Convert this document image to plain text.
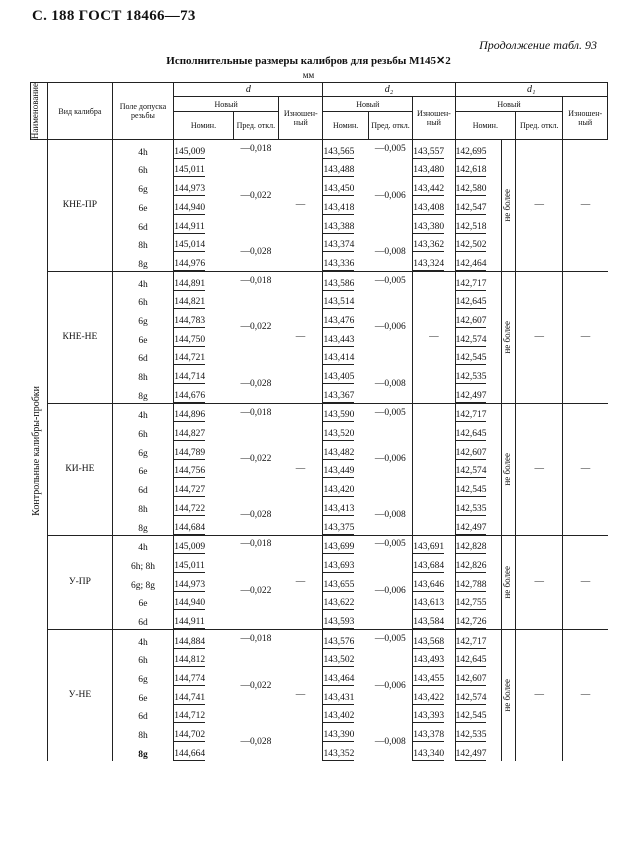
С. 188 ГОСТ 18466—73
Продолжение табл. 93
Исполнительные размеры калибров для резьбы М145✕2
мм
Наименование	Вид калибра	Поле допуска резьбы	d			d₂			d₁			
			Новый		Изношен-ный	Новый		Изношен-ный	Новый			Изношен-ный
			Номин.	Пред. откл.		Номин.	Пред. откл.		Номин.		Пред. откл.	

Контрольные калибры-пробки	КНЕ-ПР	4h	145,009	—0,018	—	143,565	—0,005	143,557	142,695	не более	—	—
		6h	145,011	—0,022		143,488	—0,006	143,480	142,618			
		6g	144,973			143,450		143,442	142,580			
		6e	144,940			143,418		143,408	142,547			
		6d	144,911			143,388		143,380	142,518			
		8h	145,014	—0,028		143,374	—0,008	143,362	142,502			
		8g	144,976			143,336		143,324	142,464			
	КНЕ-НЕ	4h	144,891	—0,018	—	143,586	—0,005	—	142,717	не более	—	—
		6h	144,821	—0,022		143,514	—0,006		142,645			
		6g	144,783			143,476			142,607			
		6e	144,750			143,443			142,574			
		6d	144,721			143,414			142,545			
		8h	144,714	—0,028		143,405	—0,008		142,535			
		8g	144,676			143,367			142,497			
	КИ-НЕ	4h	144,896	—0,018	—	143,590	—0,005		142,717	не более	—	—
		6h	144,827	—0,022		143,520	—0,006		142,645			
		6g	144,789			143,482			142,607			
		6e	144,756			143,449			142,574			
		6d	144,727			143,420			142,545			
		8h	144,722	—0,028		143,413	—0,008		142,535			
		8g	144,684			143,375			142,497			
	У-ПР	4h	145,009	—0,018	—	143,699	—0,005	143,691	142,828	не более	—	—
		6h; 8h	145,011	—0,022		143,693	—0,006	143,684	142,826			
		6g; 8g	144,973			143,655		143,646	142,788			
		6e	144,940			143,622		143,613	142,755			
		6d	144,911			143,593		143,584	142,726			
	У-НЕ	4h	144,884	—0,018	—	143,576	—0,005	143,568	142,717	не более	—	—
		6h	144,812	—0,022		143,502	—0,006	143,493	142,645			
		6g	144,774			143,464		143,455	142,607			
		6e	144,741			143,431		143,422	142,574			
		6d	144,712			143,402		143,393	142,545			
		8h	144,702	—0,028		143,390	—0,008	143,378	142,535			
		8g	144,664			143,352		143,340	142,497			
